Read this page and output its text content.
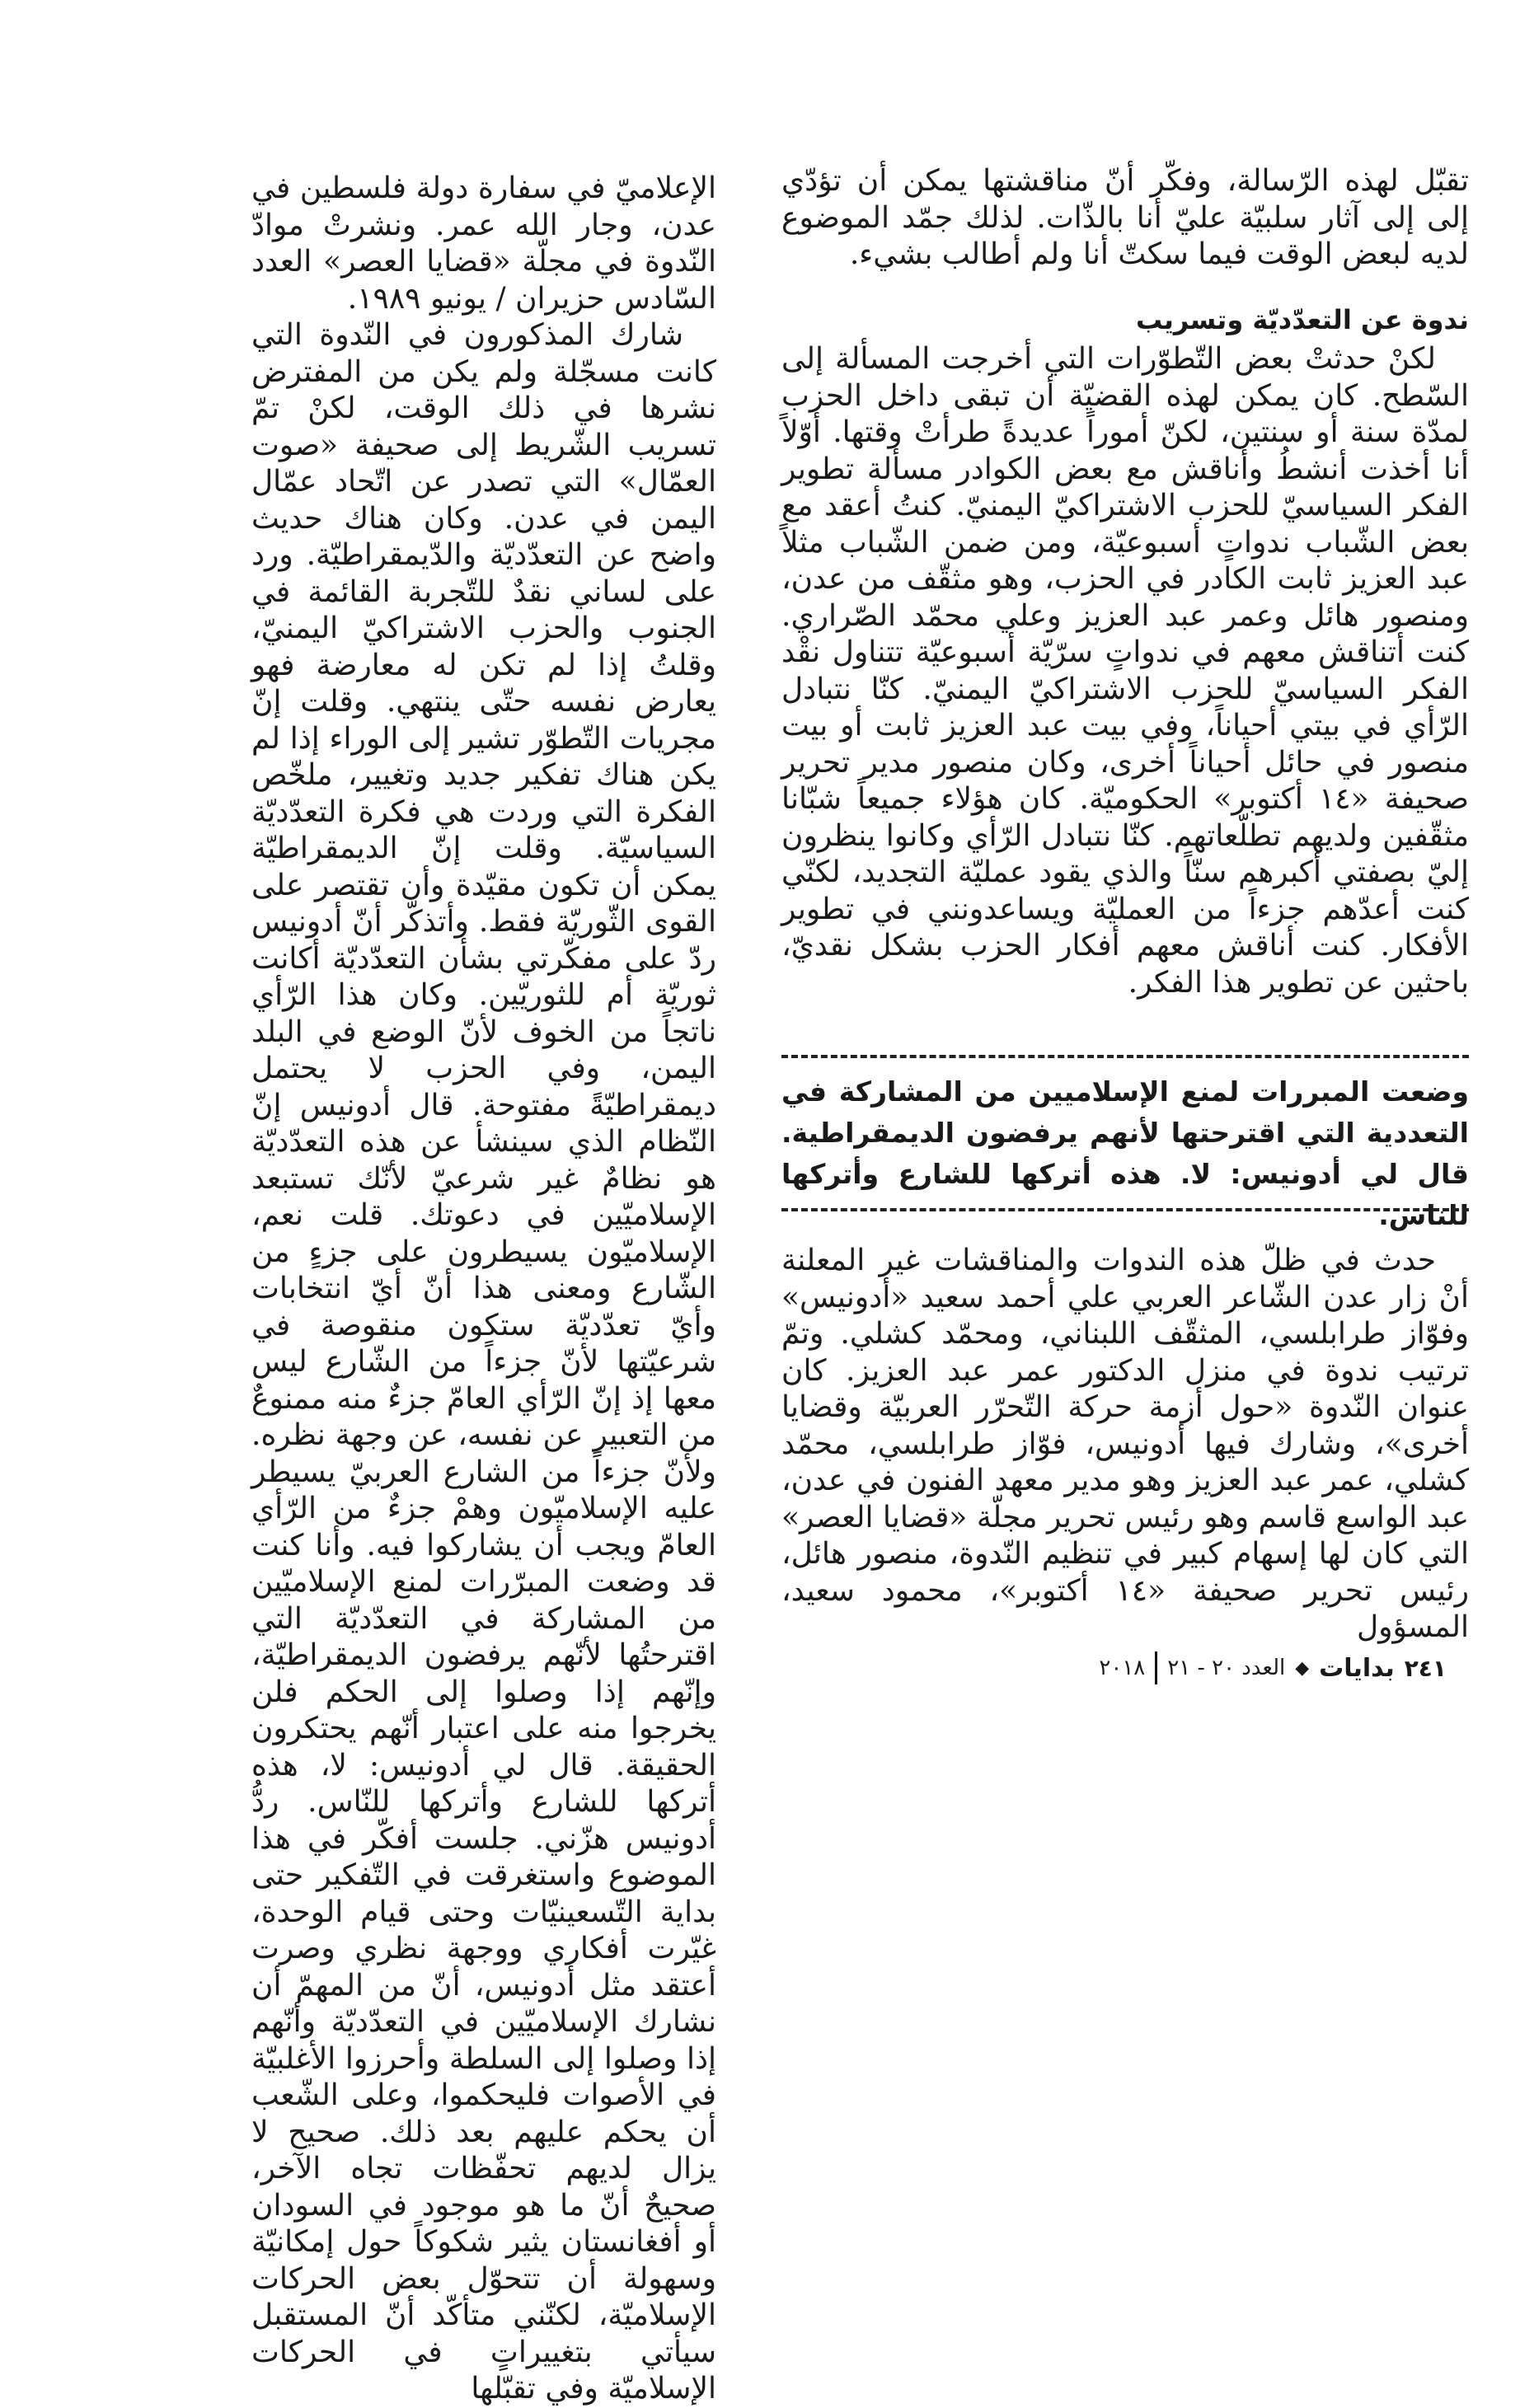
تقبّل لهذه الرّسالة، وفكّر أنّ مناقشتها يمكن أن تؤدّي إلى إلى آثار سلبيّة عليّ أنا بالذّات. لذلك جمّد الموضوع لديه لبعض الوقت فيما سكتّ أنا ولم أطالب بشيء.

ندوة عن التعدّديّة وتسريب

لكنْ حدثتْ بعض التّطوّرات التي أخرجت المسألة إلى السّطح. كان يمكن لهذه القضيّة أن تبقى داخل الحزب لمدّة سنة أو سنتين، لكنّ أموراً عديدةً طرأتْ وقتها. أوّلاً أنا أخذت أنشطُ وأناقش مع بعض الكوادر مسألة تطوير الفكر السياسيّ للحزب الاشتراكيّ اليمنيّ. كنتُ أعقد مع بعض الشّباب ندواتٍ أسبوعيّة، ومن ضمن الشّباب مثلاً عبد العزيز ثابت الكادر في الحزب، وهو مثقّف من عدن، ومنصور هائل وعمر عبد العزيز وعلي محمّد الصّراري. كنت أتناقش معهم في ندواتٍ سرّيّة أسبوعيّة تتناول نقْد الفكر السياسيّ للحزب الاشتراكيّ اليمنيّ. كنّا نتبادل الرّأي في بيتي أحياناً، وفي بيت عبد العزيز ثابت أو بيت منصور في حائل أحياناً أخرى، وكان منصور مدير تحرير صحيفة «١٤ أكتوبر» الحكوميّة. كان هؤلاء جميعاً شبّانا مثقّفين ولديهم تطلّعاتهم. كنّا نتبادل الرّأي وكانوا ينظرون إليّ بصفتي أكبرهم سنّاً والذي يقود عمليّة التجديد، لكنّي كنت أعدّهم جزءاً من العمليّة ويساعدونني في تطوير الأفكار. كنت أناقش معهم أفكار الحزب بشكل نقديّ، باحثين عن تطوير هذا الفكر.

وضعت المبررات لمنع الإسلاميين من المشاركة في التعددية التي اقترحتها لأنهم يرفضون الديمقراطية. قال لي أدونيس: لا. هذه أتركها للشارع وأتركها للناس.

حدث في ظلّ هذه الندوات والمناقشات غير المعلنة أنْ زار عدن الشّاعر العربي علي أحمد سعيد «أدونيس» وفوّاز طرابلسي، المثقّف اللبناني، ومحمّد كشلي. وتمّ ترتيب ندوة في منزل الدكتور عمر عبد العزيز. كان عنوان النّدوة «حول أزمة حركة التّحرّر العربيّة وقضايا أخرى»، وشارك فيها أدونيس، فوّاز طرابلسي، محمّد كشلي، عمر عبد العزيز وهو مدير معهد الفنون في عدن، عبد الواسع قاسم وهو رئيس تحرير مجلّة «قضايا العصر» التي كان لها إسهام كبير في تنظيم النّدوة، منصور هائل، رئيس تحرير صحيفة «١٤ أكتوبر»، محمود سعيد، المسؤول

الإعلاميّ في سفارة دولة فلسطين في عدن، وجار الله عمر. ونشرتْ موادّ النّدوة في مجلّة «قضايا العصر» العدد السّادس حزيران / يونيو ١٩٨٩.

شارك المذكورون في النّدوة التي كانت مسجّلة ولم يكن من المفترض نشرها في ذلك الوقت، لكنْ تمّ تسريب الشّريط إلى صحيفة «صوت العمّال» التي تصدر عن اتّحاد عمّال اليمن في عدن. وكان هناك حديث واضح عن التعدّديّة والدّيمقراطيّة. ورد على لساني نقدٌ للتّجربة القائمة في الجنوب والحزب الاشتراكيّ اليمنيّ، وقلتُ إذا لم تكن له معارضة فهو يعارض نفسه حتّى ينتهي. وقلت إنّ مجريات التّطوّر تشير إلى الوراء إذا لم يكن هناك تفكير جديد وتغيير، ملخّص الفكرة التي وردت هي فكرة التعدّديّة السياسيّة. وقلت إنّ الديمقراطيّة يمكن أن تكون مقيّدة وأن تقتصر على القوى الثّوريّة فقط. وأتذكّر أنّ أدونيس ردّ على مفكّرتي بشأن التعدّديّة أكانت ثوريّة أم للثوريّين. وكان هذا الرّأي ناتجاً من الخوف لأنّ الوضع في البلد اليمن، وفي الحزب لا يحتمل ديمقراطيّةً مفتوحة. قال أدونيس إنّ النّظام الذي سينشأ عن هذه التعدّديّة هو نظامٌ غير شرعيّ لأنّك تستبعد الإسلاميّين في دعوتك. قلت نعم، الإسلاميّون يسيطرون على جزءٍ من الشّارع ومعنى هذا أنّ أيّ انتخابات وأيّ تعدّديّة ستكون منقوصة في شرعيّتها لأنّ جزءاً من الشّارع ليس معها إذ إنّ الرّأي العامّ جزءٌ منه ممنوعٌ من التعبير عن نفسه، عن وجهة نظره. ولأنّ جزءاً من الشارع العربيّ يسيطر عليه الإسلاميّون وهمْ جزءٌ من الرّأي العامّ ويجب أن يشاركوا فيه. وأنا كنت قد وضعت المبرّرات لمنع الإسلاميّين من المشاركة في التعدّديّة التي اقترحتُها لأنّهم يرفضون الديمقراطيّة، وإنّهم إذا وصلوا إلى الحكم فلن يخرجوا منه على اعتبار أنّهم يحتكرون الحقيقة. قال لي أدونيس: لا، هذه أتركها للشارع وأتركها للنّاس. ردُّ أدونيس هزّني. جلست أفكّر في هذا الموضوع واستغرقت في التّفكير حتى بداية التّسعينيّات وحتى قيام الوحدة، غيّرت أفكاري ووجهة نظري وصرت أعتقد مثل أدونيس، أنّ من المهمّ أن نشارك الإسلاميّين في التعدّديّة وأنّهم إذا وصلوا إلى السلطة وأحرزوا الأغلبيّة في الأصوات فليحكموا، وعلى الشّعب أن يحكم عليهم بعد ذلك. صحيح لا يزال لديهم تحفّظات تجاه الآخر، صحيحٌ أنّ ما هو موجود في السودان أو أفغانستان يثير شكوكاً حول إمكانيّة وسهولة أن تتحوّل بعض الحركات الإسلاميّة، لكنّني متأكّد أنّ المستقبل سيأتي بتغييراتٍ في الحركات الإسلاميّة وفي تقبّلها

٢٤١
بدايات
◆
العدد ٢٠ - ٢١
٢٠١٨
